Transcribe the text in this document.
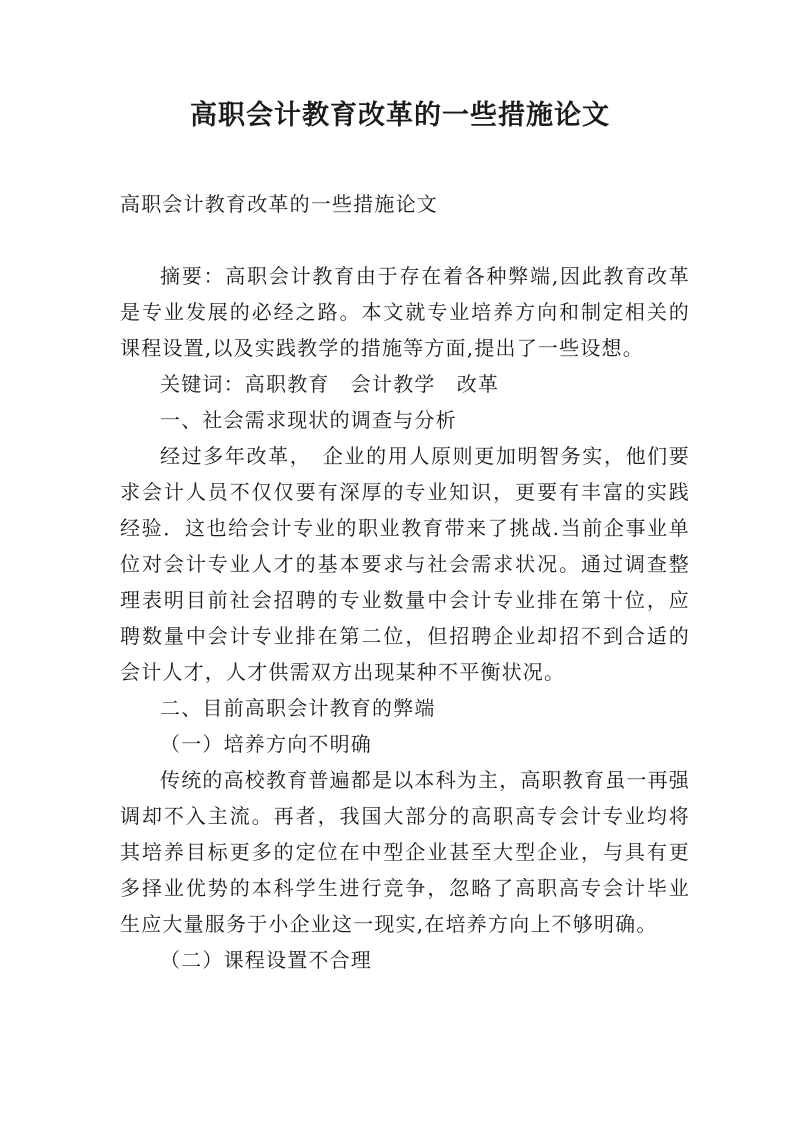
高职会计教育改革的一些措施论文

高职会计教育改革的一些措施论文

摘要：高职会计教育由于存在着各种弊端,因此教育改革是专业发展的必经之路。本文就专业培养方向和制定相关的课程设置,以及实践教学的措施等方面,提出了一些设想。

关键词：高职教育　会计教学　改革

一、社会需求现状的调查与分析

经过多年改革，　企业的用人原则更加明智务实，他们要求会计人员不仅仅要有深厚的专业知识，更要有丰富的实践经验．这也给会计专业的职业教育带来了挑战.当前企事业单位对会计专业人才的基本要求与社会需求状况。通过调查整理表明目前社会招聘的专业数量中会计专业排在第十位，应聘数量中会计专业排在第二位，但招聘企业却招不到合适的会计人才，人才供需双方出现某种不平衡状况。

二、目前高职会计教育的弊端

（一）培养方向不明确

传统的高校教育普遍都是以本科为主，高职教育虽一再强调却不入主流。再者，我国大部分的高职高专会计专业均将其培养目标更多的定位在中型企业甚至大型企业，与具有更多择业优势的本科学生进行竞争，忽略了高职高专会计毕业生应大量服务于小企业这一现实,在培养方向上不够明确。

（二）课程设置不合理
